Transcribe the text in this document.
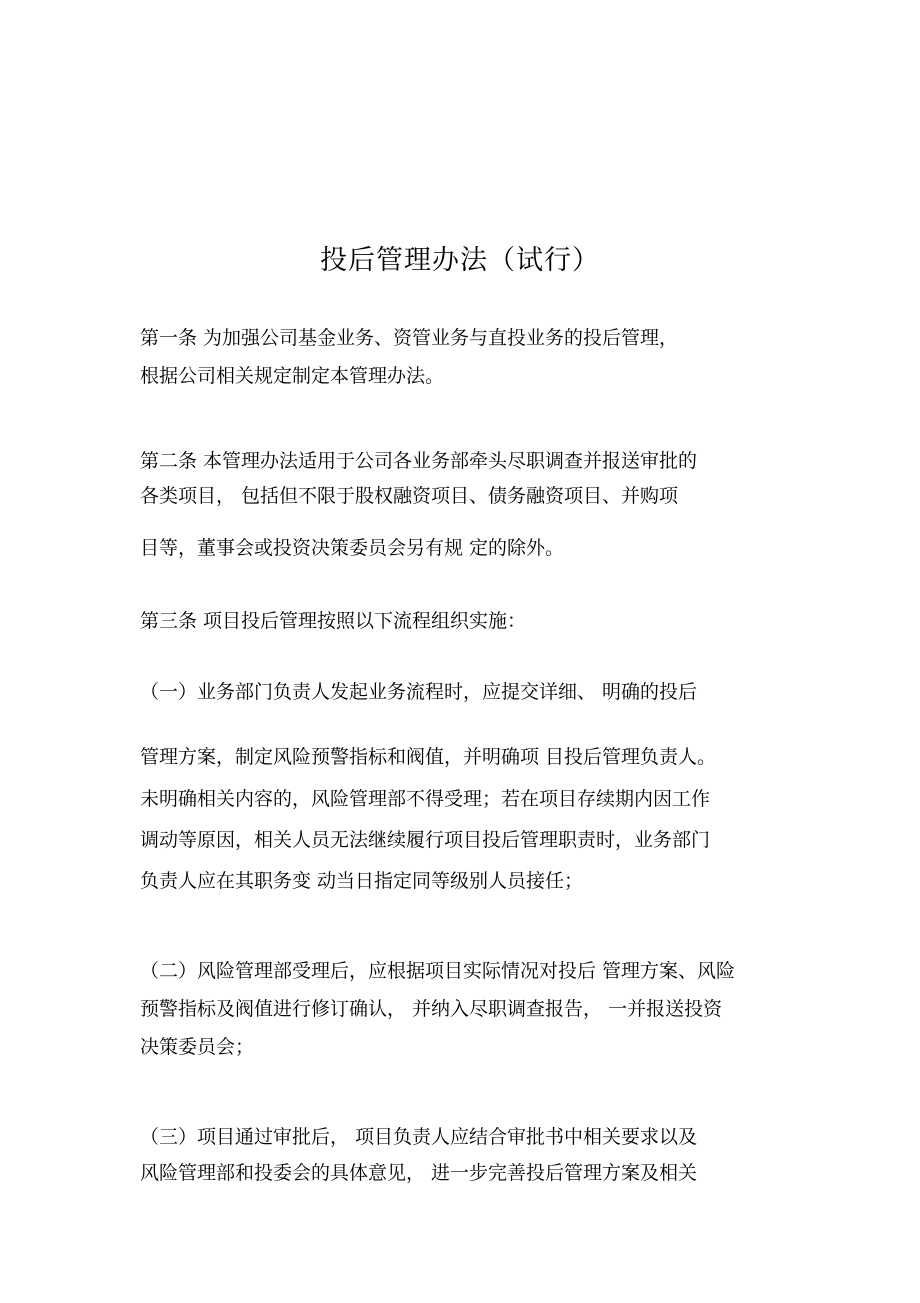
投后管理办法（试行）
第一条 为加强公司基金业务、资管业务与直投业务的投后管理，
根据公司相关规定制定本管理办法。
第二条 本管理办法适用于公司各业务部牵头尽职调查并报送审批的
各类项目， 包括但不限于股权融资项目、债务融资项目、并购项
目等，董事会或投资决策委员会另有规 定的除外。
第三条 项目投后管理按照以下流程组织实施：
（一）业务部门负责人发起业务流程时，应提交详细、 明确的投后
管理方案，制定风险预警指标和阀值，并明确项 目投后管理负责人。
未明确相关内容的，风险管理部不得受理；若在项目存续期内因工作
调动等原因，相关人员无法继续履行项目投后管理职责时，业务部门
负责人应在其职务变 动当日指定同等级别人员接任；
（二）风险管理部受理后，应根据项目实际情况对投后 管理方案、风险
预警指标及阀值进行修订确认， 并纳入尽职调查报告， 一并报送投资
决策委员会；
（三）项目通过审批后， 项目负责人应结合审批书中相关要求以及
风险管理部和投委会的具体意见， 进一步完善投后管理方案及相关
